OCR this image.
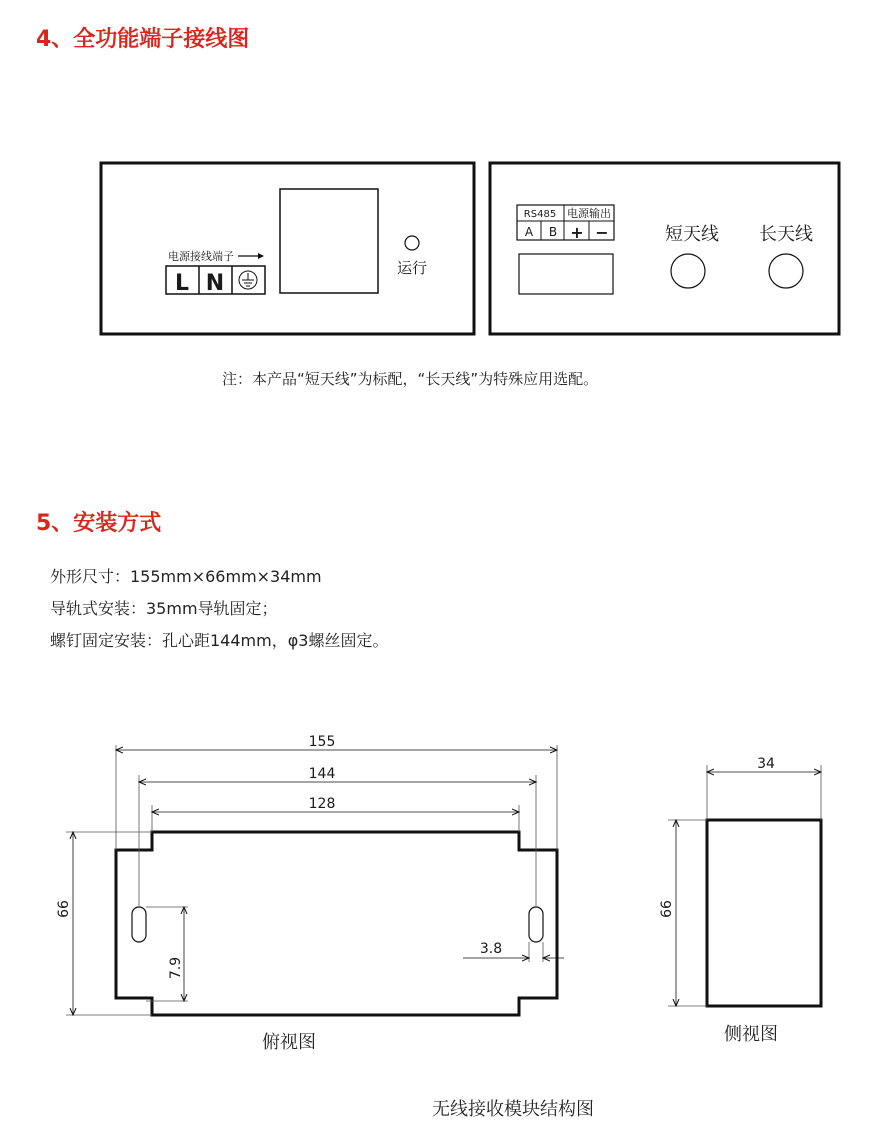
4、全功能端子接线图
电源接线端子
L N
运行
RS485 电源输出
A B + −	短天线 长天线
注：本产品“短天线”为标配，“长天线”为特殊应用选配。
5、安装方式
外形尺寸：155mm×66mm×34mm
导轨式安装：35mm导轨固定；
螺钉固定安装：孔心距144mm，φ3螺丝固定。
155
144
128
66
7.9
3.8
34
66
俯视图	侧视图
无线接收模块结构图
